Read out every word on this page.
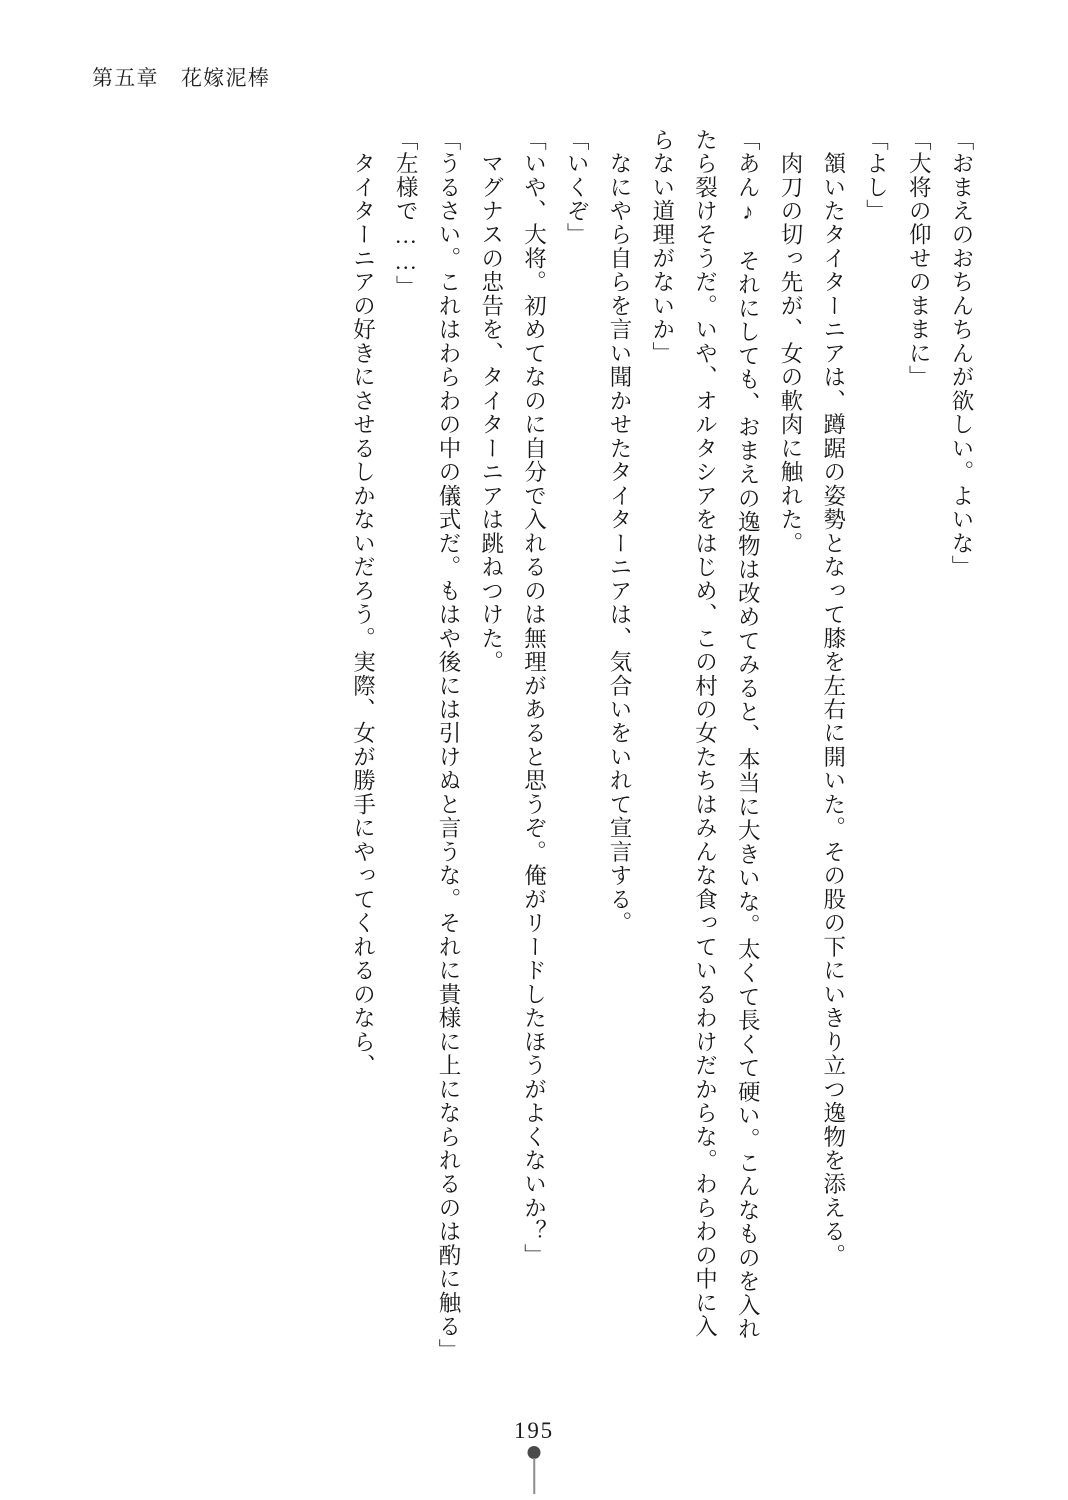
第五章　花嫁泥棒

「おまえのおちんちんが欲しい。よいな」

「大将の仰せのままに」

「よし」

　頷いたタイターニアは、蹲踞の姿勢となって膝を左右に開いた。その股の下にいきり立つ逸物を添える。

　肉刀の切っ先が、女の軟肉に触れた。

「あん♪　それにしても、おまえの逸物は改めてみると、本当に大きいな。太くて長くて硬い。こんなものを入れたら裂けそうだ。いや、オルタシアをはじめ、この村の女たちはみんな食っているわけだからな。わらわの中に入らない道理がないか」

　なにやら自らを言い聞かせたタイターニアは、気合いをいれて宣言する。

「いくぞ」

「いや、大将。初めてなのに自分で入れるのは無理があると思うぞ。俺がリードしたほうがよくないか？」

　マグナスの忠告を、タイターニアは跳ねつけた。

「うるさい。これはわらわの中の儀式だ。もはや後には引けぬと言うな。それに貴様に上になられるのは酌に触る」

「左様で……」

　タイターニアの好きにさせるしかないだろう。実際、女が勝手にやってくれるのなら、

195
